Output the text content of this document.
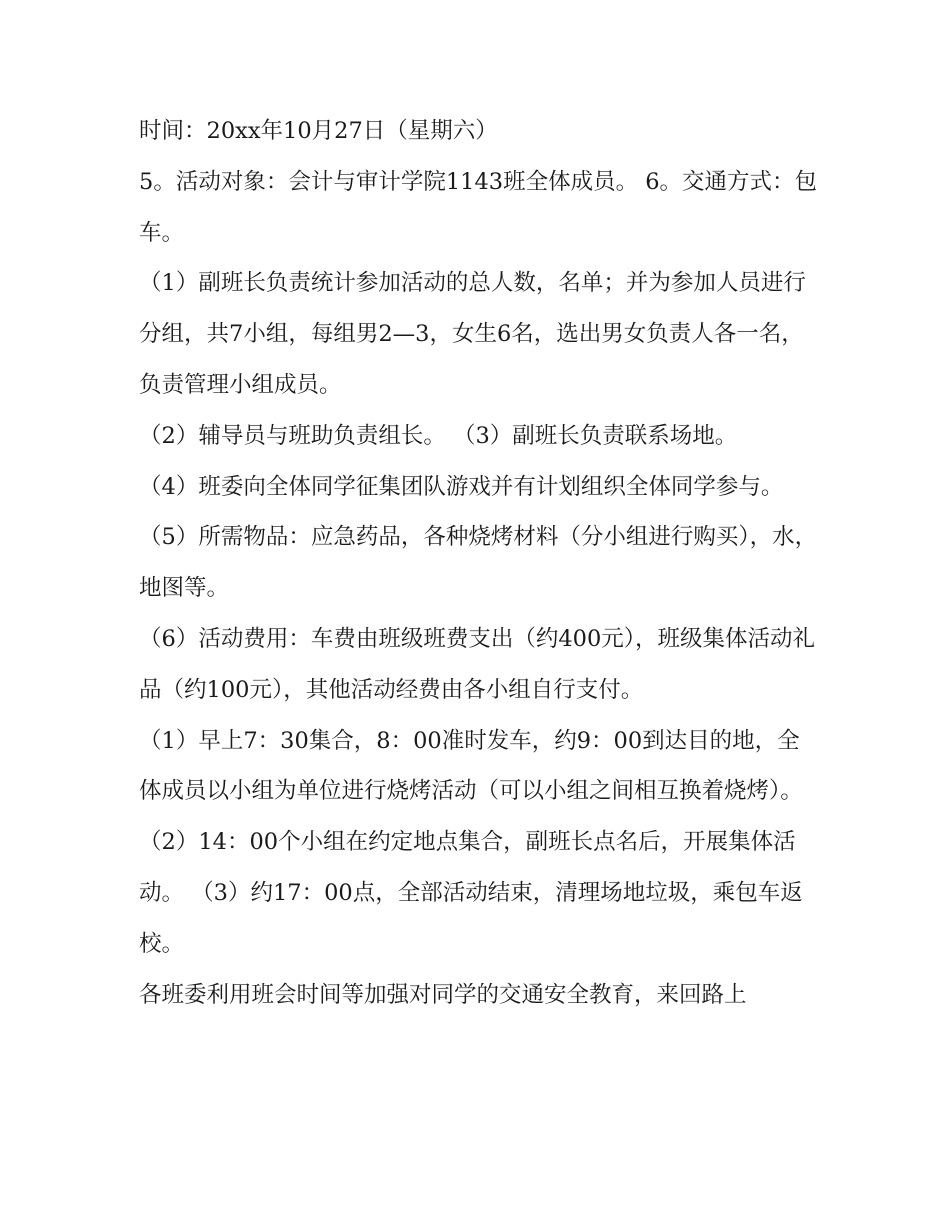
时间：20xx年10月27日（星期六）

5。活动对象：会计与审计学院1143班全体成员。 6。交通方式：包车。

（1）副班长负责统计参加活动的总人数，名单；并为参加人员进行分组，共7小组，每组男2—3，女生6名，选出男女负责人各一名，负责管理小组成员。

（2）辅导员与班助负责组长。 （3）副班长负责联系场地。

（4）班委向全体同学征集团队游戏并有计划组织全体同学参与。

（5）所需物品：应急药品，各种烧烤材料（分小组进行购买），水，地图等。

（6）活动费用：车费由班级班费支出（约400元），班级集体活动礼品（约100元），其他活动经费由各小组自行支付。

（1）早上7：30集合，8：00准时发车，约9：00到达目的地，全体成员以小组为单位进行烧烤活动（可以小组之间相互换着烧烤）。

（2）14：00个小组在约定地点集合，副班长点名后，开展集体活动。 （3）约17：00点，全部活动结束，清理场地垃圾，乘包车返校。

各班委利用班会时间等加强对同学的交通安全教育，来回路上
